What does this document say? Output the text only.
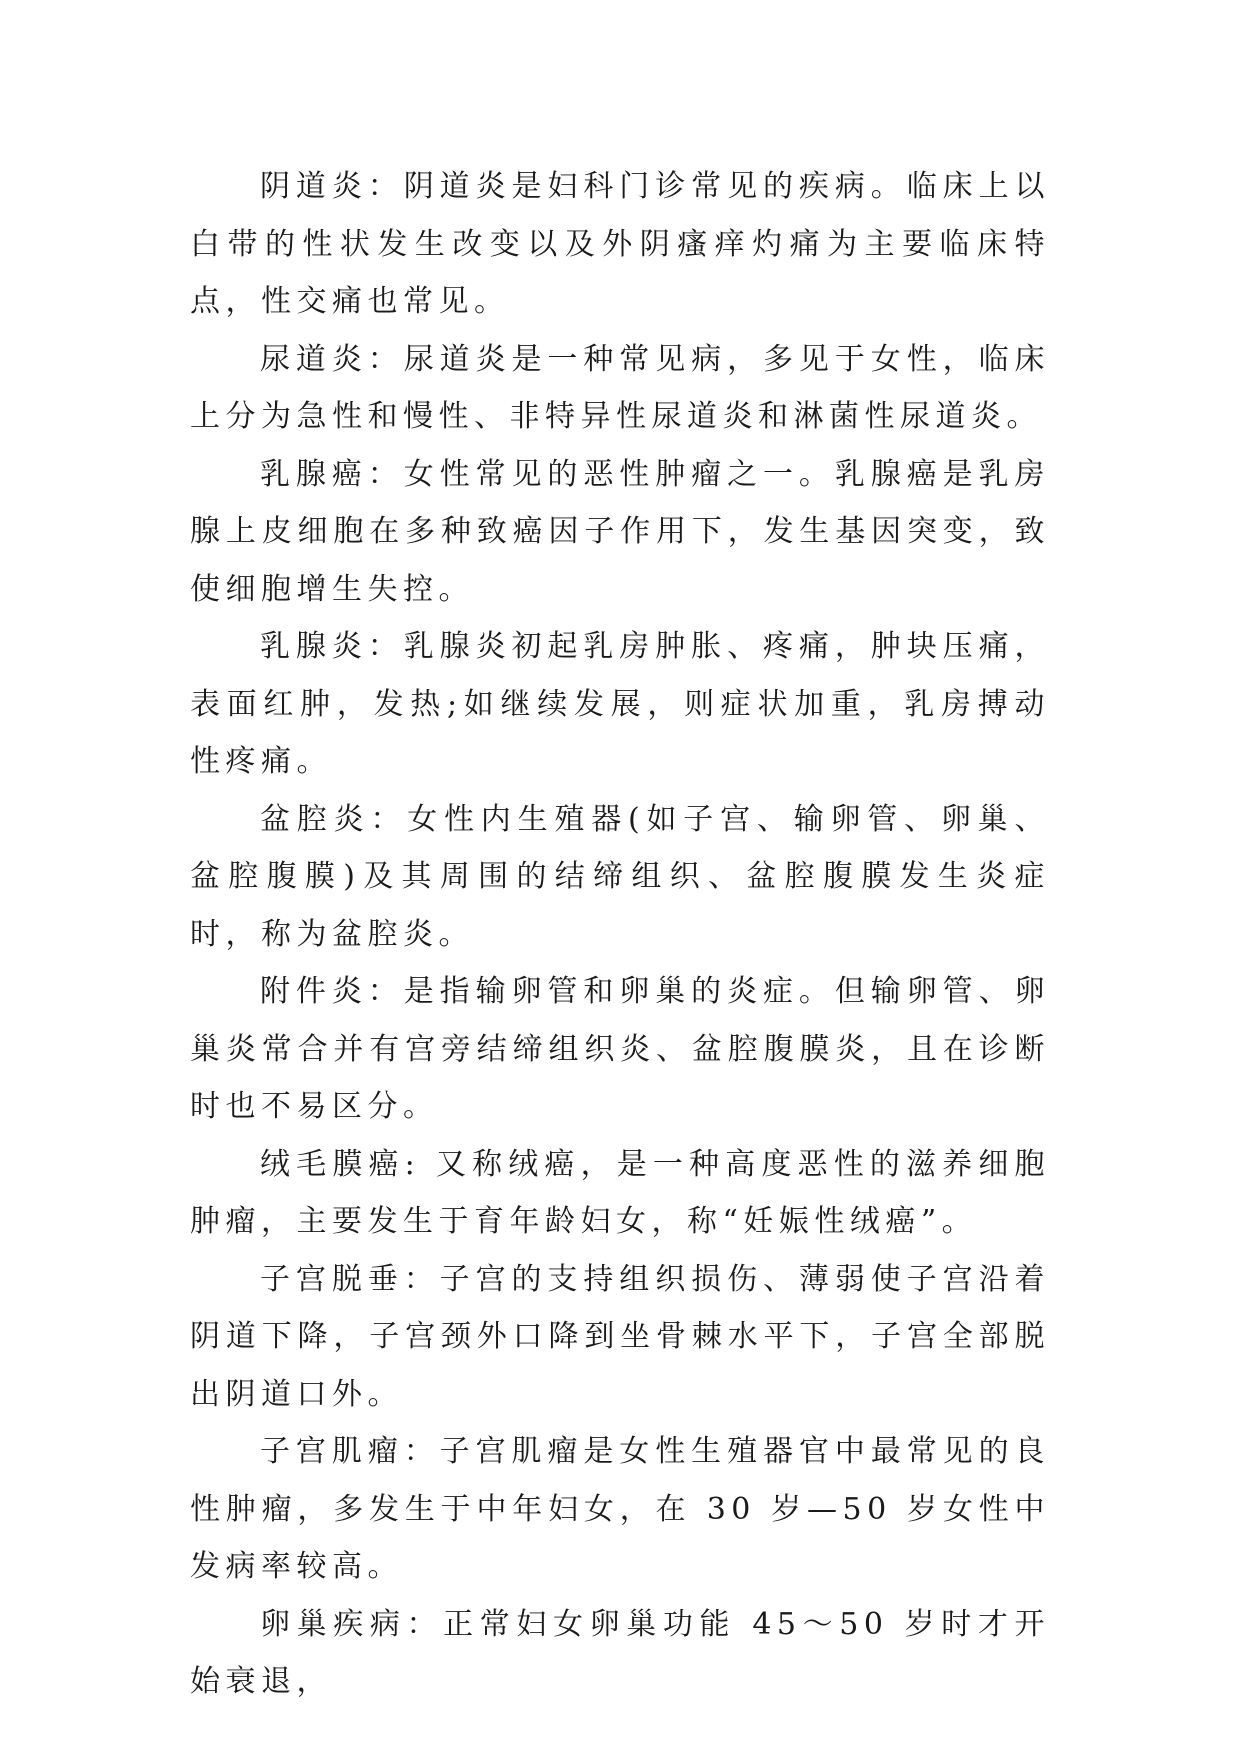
阴道炎：阴道炎是妇科门诊常见的疾病。临床上以白带的性状发生改变以及外阴瘙痒灼痛为主要临床特点，性交痛也常见。

尿道炎：尿道炎是一种常见病，多见于女性，临床上分为急性和慢性、非特异性尿道炎和淋菌性尿道炎。

乳腺癌：女性常见的恶性肿瘤之一。乳腺癌是乳房腺上皮细胞在多种致癌因子作用下，发生基因突变，致使细胞增生失控。

乳腺炎：乳腺炎初起乳房肿胀、疼痛，肿块压痛，表面红肿，发热;如继续发展，则症状加重，乳房搏动性疼痛。

盆腔炎：女性内生殖器(如子宫、输卵管、卵巢、盆腔腹膜)及其周围的结缔组织、盆腔腹膜发生炎症时，称为盆腔炎。

附件炎：是指输卵管和卵巢的炎症。但输卵管、卵巢炎常合并有宫旁结缔组织炎、盆腔腹膜炎，且在诊断时也不易区分。

绒毛膜癌: 又称绒癌，是一种高度恶性的滋养细胞肿瘤，主要发生于育年龄妇女，称“妊娠性绒癌”。

子宫脱垂：子宫的支持组织损伤、薄弱使子宫沿着阴道下降，子宫颈外口降到坐骨棘水平下，子宫全部脱出阴道口外。

子宫肌瘤：子宫肌瘤是女性生殖器官中最常见的良性肿瘤，多发生于中年妇女，在 30 岁—50 岁女性中发病率较高。

卵巢疾病：正常妇女卵巢功能 45～50 岁时才开始衰退，
